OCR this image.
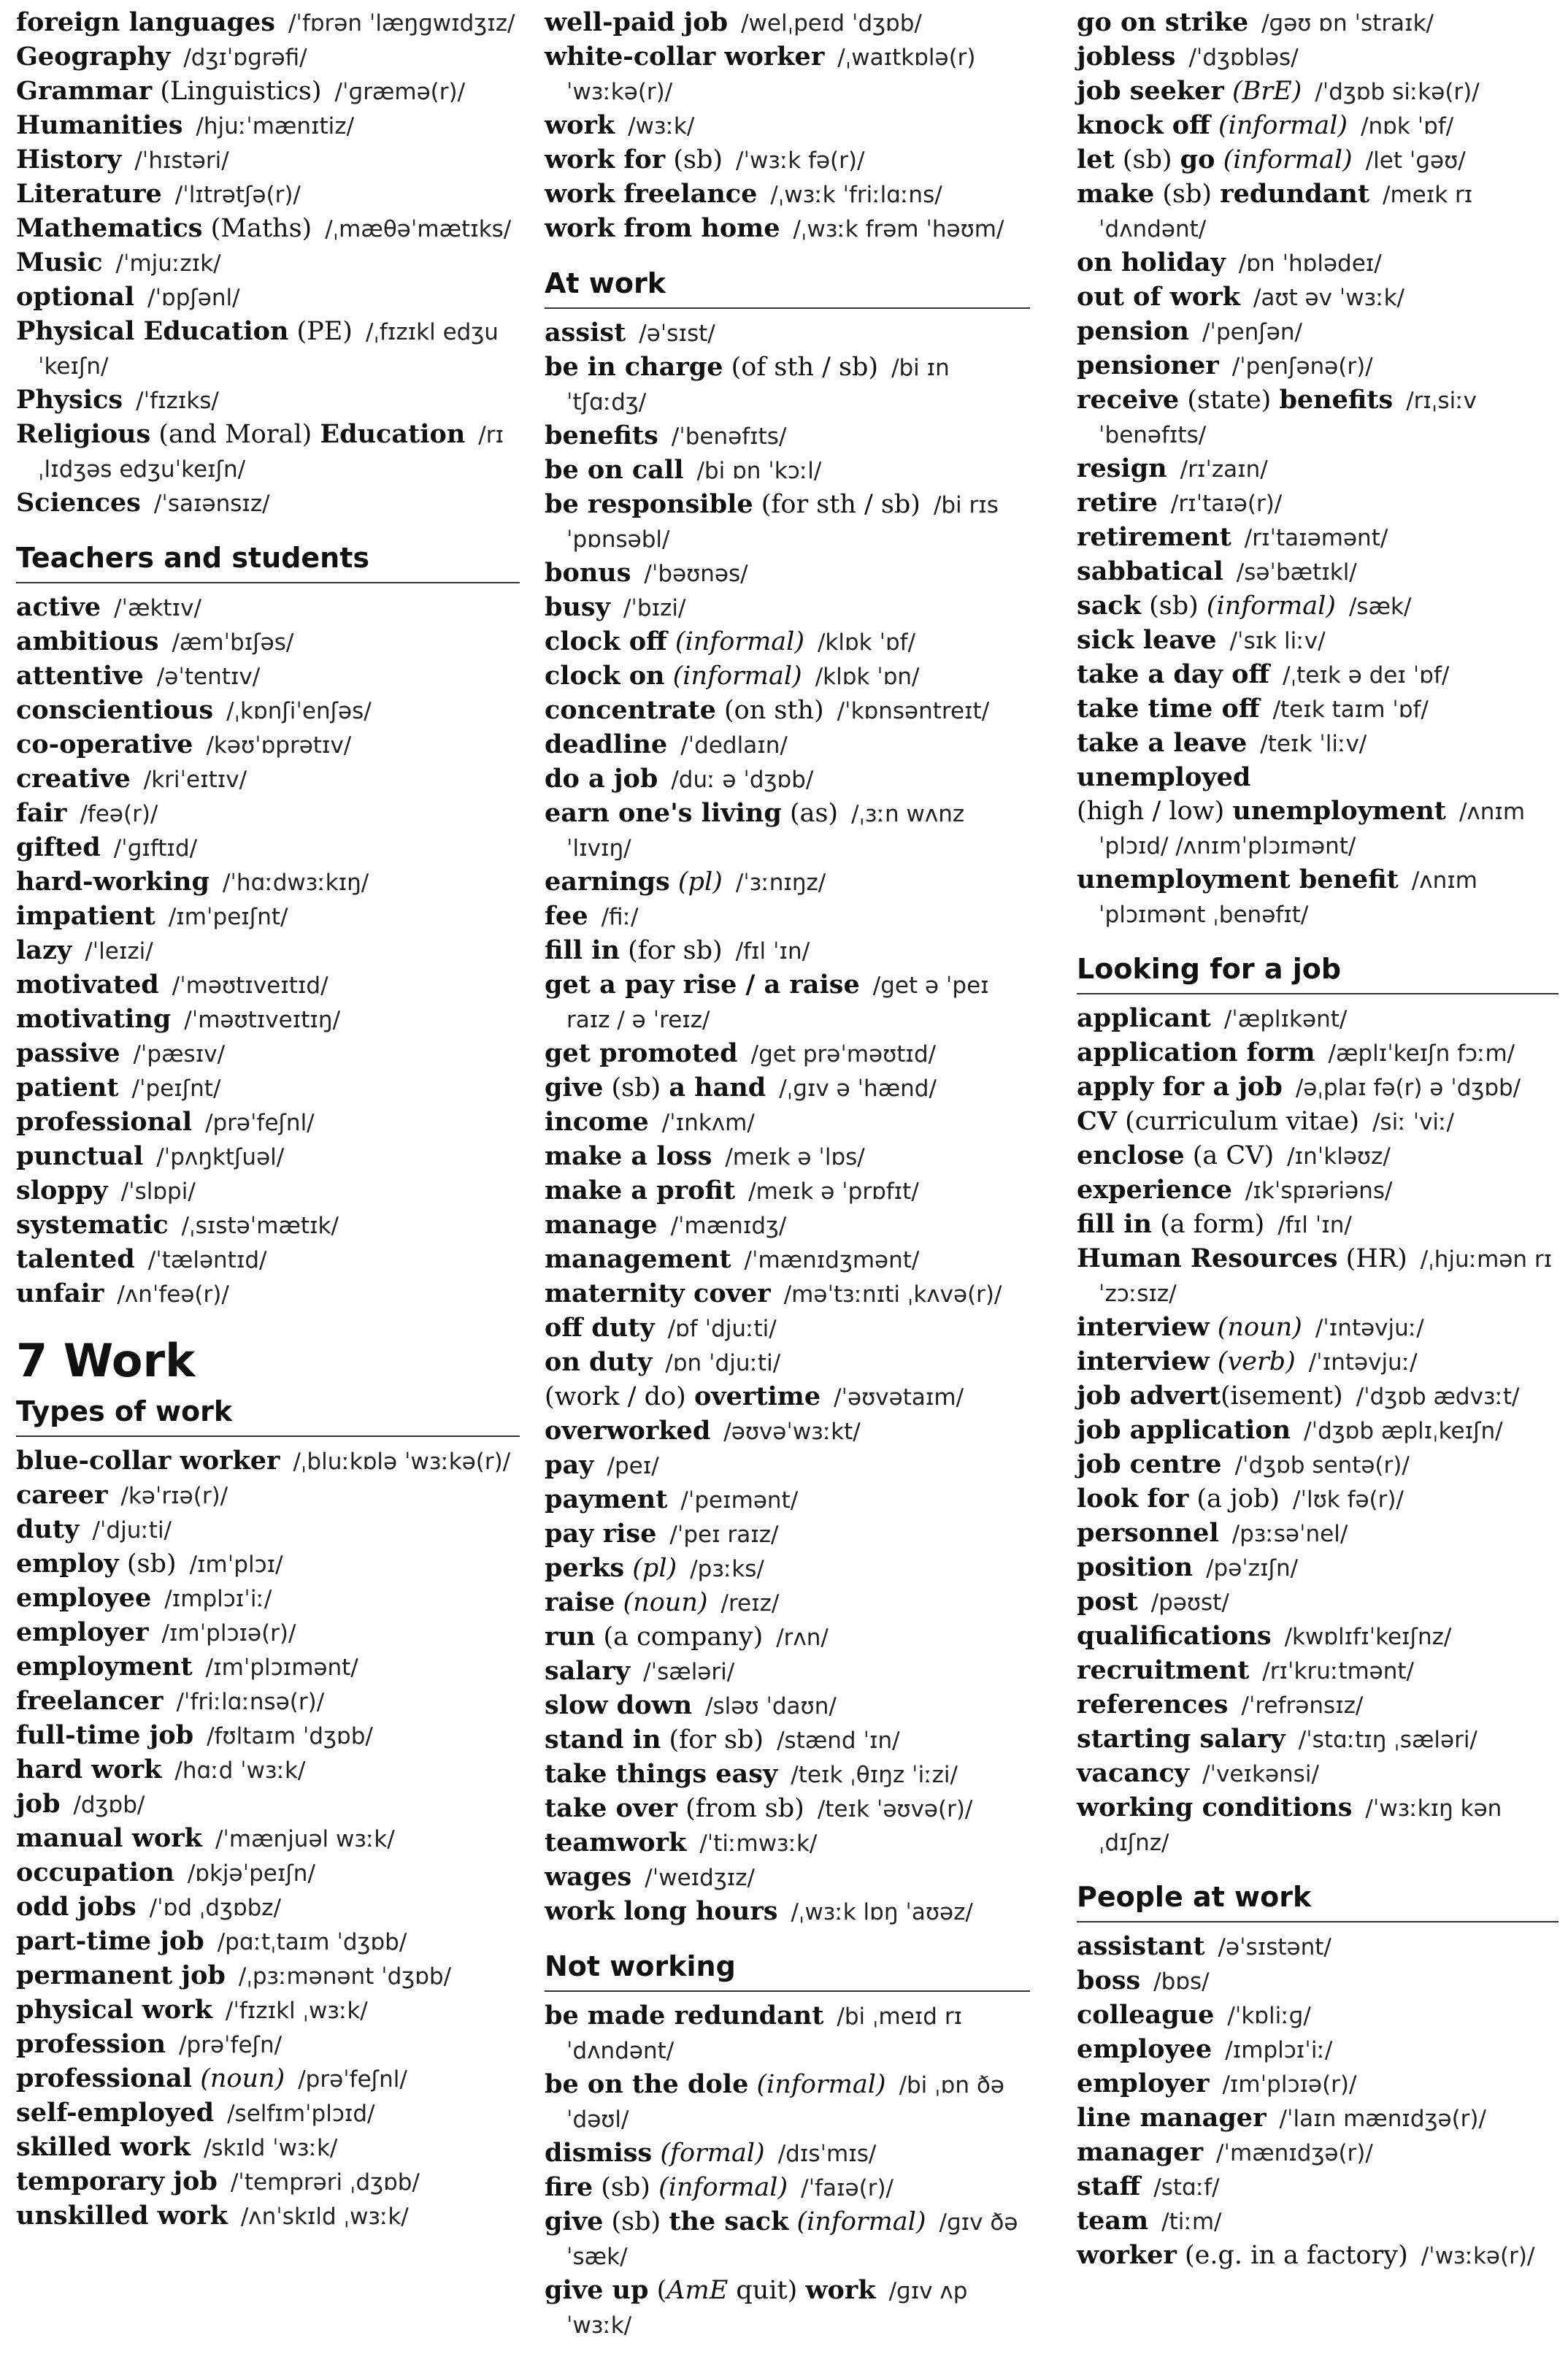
foreign languages /ˈfɒrən ˈlæŋɡwɪdʒɪz/
Geography /dʒɪˈɒɡrəfi/
Grammar (Linguistics) /ˈɡræmə(r)/
Humanities /hjuːˈmænɪtiz/
History /ˈhɪstəri/
Literature /ˈlɪtrətʃə(r)/
Mathematics (Maths) /ˌmæθəˈmætɪks/
Music /ˈmjuːzɪk/
optional /ˈɒpʃənl/
Physical Education (PE) /ˌfɪzɪkl edʒuˈkeɪʃn/
Physics /ˈfɪzɪks/
Religious (and Moral) Education /rɪˌlɪdʒəs edʒuˈkeɪʃn/
Sciences /ˈsaɪənsɪz/
Teachers and students
active /ˈæktɪv/
ambitious /æmˈbɪʃəs/
attentive /əˈtentɪv/
conscientious /ˌkɒnʃiˈenʃəs/
co-operative /kəʊˈɒprətɪv/
creative /kriˈeɪtɪv/
fair /feə(r)/
gifted /ˈɡɪftɪd/
hard-working /ˈhɑːdwɜːkɪŋ/
impatient /ɪmˈpeɪʃnt/
lazy /ˈleɪzi/
motivated /ˈməʊtɪveɪtɪd/
motivating /ˈməʊtɪveɪtɪŋ/
passive /ˈpæsɪv/
patient /ˈpeɪʃnt/
professional /prəˈfeʃnl/
punctual /ˈpʌŋktʃuəl/
sloppy /ˈslɒpi/
systematic /ˌsɪstəˈmætɪk/
talented /ˈtæləntɪd/
unfair /ʌnˈfeə(r)/
7 Work
Types of work
blue-collar worker /ˌbluːkɒlə ˈwɜːkə(r)/
career /kəˈrɪə(r)/
duty /ˈdjuːti/
employ (sb) /ɪmˈplɔɪ/
employee /ɪmplɔɪˈiː/
employer /ɪmˈplɔɪə(r)/
employment /ɪmˈplɔɪmənt/
freelancer /ˈfriːlɑːnsə(r)/
full-time job /fʊltaɪm ˈdʒɒb/
hard work /hɑːd ˈwɜːk/
job /dʒɒb/
manual work /ˈmænjuəl wɜːk/
occupation /ɒkjəˈpeɪʃn/
odd jobs /ˈɒd ˌdʒɒbz/
part-time job /pɑːtˌtaɪm ˈdʒɒb/
permanent job /ˌpɜːmənənt ˈdʒɒb/
physical work /ˈfɪzɪkl ˌwɜːk/
profession /prəˈfeʃn/
professional (noun) /prəˈfeʃnl/
self-employed /selfɪmˈplɔɪd/
skilled work /skɪld ˈwɜːk/
temporary job /ˈtemprəri ˌdʒɒb/
unskilled work /ʌnˈskɪld ˌwɜːk/
well-paid job /welˌpeɪd ˈdʒɒb/
white-collar worker /ˌwaɪtkɒlə(r) ˈwɜːkə(r)/
work /wɜːk/
work for (sb) /ˈwɜːk fə(r)/
work freelance /ˌwɜːk ˈfriːlɑːns/
work from home /ˌwɜːk frəm ˈhəʊm/
At work
assist /əˈsɪst/
be in charge (of sth / sb) /bi ɪn ˈtʃɑːdʒ/
benefits /ˈbenəfɪts/
be on call /bi ɒn ˈkɔːl/
be responsible (for sth / sb) /bi rɪsˈpɒnsəbl/
bonus /ˈbəʊnəs/
busy /ˈbɪzi/
clock off (informal) /klɒk ˈɒf/
clock on (informal) /klɒk ˈɒn/
concentrate (on sth) /ˈkɒnsəntreɪt/
deadline /ˈdedlaɪn/
do a job /duː ə ˈdʒɒb/
earn one's living (as) /ˌɜːn wʌnz ˈlɪvɪŋ/
earnings (pl) /ˈɜːnɪŋz/
fee /fiː/
fill in (for sb) /fɪl ˈɪn/
get a pay rise / a raise /get ə ˈpeɪ raɪz / ə ˈreɪz/
get promoted /get prəˈməʊtɪd/
give (sb) a hand /ˌɡɪv ə ˈhænd/
income /ˈɪnkʌm/
make a loss /meɪk ə ˈlɒs/
make a profit /meɪk ə ˈprɒfɪt/
manage /ˈmænɪdʒ/
management /ˈmænɪdʒmənt/
maternity cover /məˈtɜːnɪti ˌkʌvə(r)/
off duty /ɒf ˈdjuːti/
on duty /ɒn ˈdjuːti/
(work / do) overtime /ˈəʊvətaɪm/
overworked /əʊvəˈwɜːkt/
pay /peɪ/
payment /ˈpeɪmənt/
pay rise /ˈpeɪ raɪz/
perks (pl) /pɜːks/
raise (noun) /reɪz/
run (a company) /rʌn/
salary /ˈsæləri/
slow down /sləʊ ˈdaʊn/
stand in (for sb) /stænd ˈɪn/
take things easy /teɪk ˌθɪŋz ˈiːzi/
take over (from sb) /teɪk ˈəʊvə(r)/
teamwork /ˈtiːmwɜːk/
wages /ˈweɪdʒɪz/
work long hours /ˌwɜːk lɒŋ ˈaʊəz/
Not working
be made redundant /bi ˌmeɪd rɪˈdʌndənt/
be on the dole (informal) /bi ˌɒn ðə ˈdəʊl/
dismiss (formal) /dɪsˈmɪs/
fire (sb) (informal) /ˈfaɪə(r)/
give (sb) the sack (informal) /ɡɪv ðə ˈsæk/
give up (AmE quit) work /ɡɪv ʌp ˈwɜːk/
go on strike /ɡəʊ ɒn ˈstraɪk/
jobless /ˈdʒɒbləs/
job seeker (BrE) /ˈdʒɒb siːkə(r)/
knock off (informal) /nɒk ˈɒf/
let (sb) go (informal) /let ˈɡəʊ/
make (sb) redundant /meɪk rɪˈdʌndənt/
on holiday /ɒn ˈhɒlədeɪ/
out of work /aʊt əv ˈwɜːk/
pension /ˈpenʃən/
pensioner /ˈpenʃənə(r)/
receive (state) benefits /rɪˌsiːv ˈbenəfɪts/
resign /rɪˈzaɪn/
retire /rɪˈtaɪə(r)/
retirement /rɪˈtaɪəmənt/
sabbatical /səˈbætɪkl/
sack (sb) (informal) /sæk/
sick leave /ˈsɪk liːv/
take a day off /ˌteɪk ə deɪ ˈɒf/
take time off /teɪk taɪm ˈɒf/
take a leave /teɪk ˈliːv/
unemployed
(high / low) unemployment /ʌnɪmˈplɔɪd/ /ʌnɪmˈplɔɪmənt/
unemployment benefit /ʌnɪmˈplɔɪmənt ˌbenəfɪt/
Looking for a job
applicant /ˈæplɪkənt/
application form /æplɪˈkeɪʃn fɔːm/
apply for a job /əˌplaɪ fə(r) ə ˈdʒɒb/
CV (curriculum vitae) /siː ˈviː/
enclose (a CV) /ɪnˈkləʊz/
experience /ɪkˈspɪəriəns/
fill in (a form) /fɪl ˈɪn/
Human Resources (HR) /ˌhjuːmən rɪˈzɔːsɪz/
interview (noun) /ˈɪntəvjuː/
interview (verb) /ˈɪntəvjuː/
job advert(isement) /ˈdʒɒb ædvɜːt/
job application /ˈdʒɒb æplɪˌkeɪʃn/
job centre /ˈdʒɒb sentə(r)/
look for (a job) /ˈlʊk fə(r)/
personnel /pɜːsəˈnel/
position /pəˈzɪʃn/
post /pəʊst/
qualifications /kwɒlɪfɪˈkeɪʃnz/
recruitment /rɪˈkruːtmənt/
references /ˈrefrənsɪz/
starting salary /ˈstɑːtɪŋ ˌsæləri/
vacancy /ˈveɪkənsi/
working conditions /ˈwɜːkɪŋ kənˌdɪʃnz/
People at work
assistant /əˈsɪstənt/
boss /bɒs/
colleague /ˈkɒliːɡ/
employee /ɪmplɔɪˈiː/
employer /ɪmˈplɔɪə(r)/
line manager /ˈlaɪn mænɪdʒə(r)/
manager /ˈmænɪdʒə(r)/
staff /stɑːf/
team /tiːm/
worker (e.g. in a factory) /ˈwɜːkə(r)/
